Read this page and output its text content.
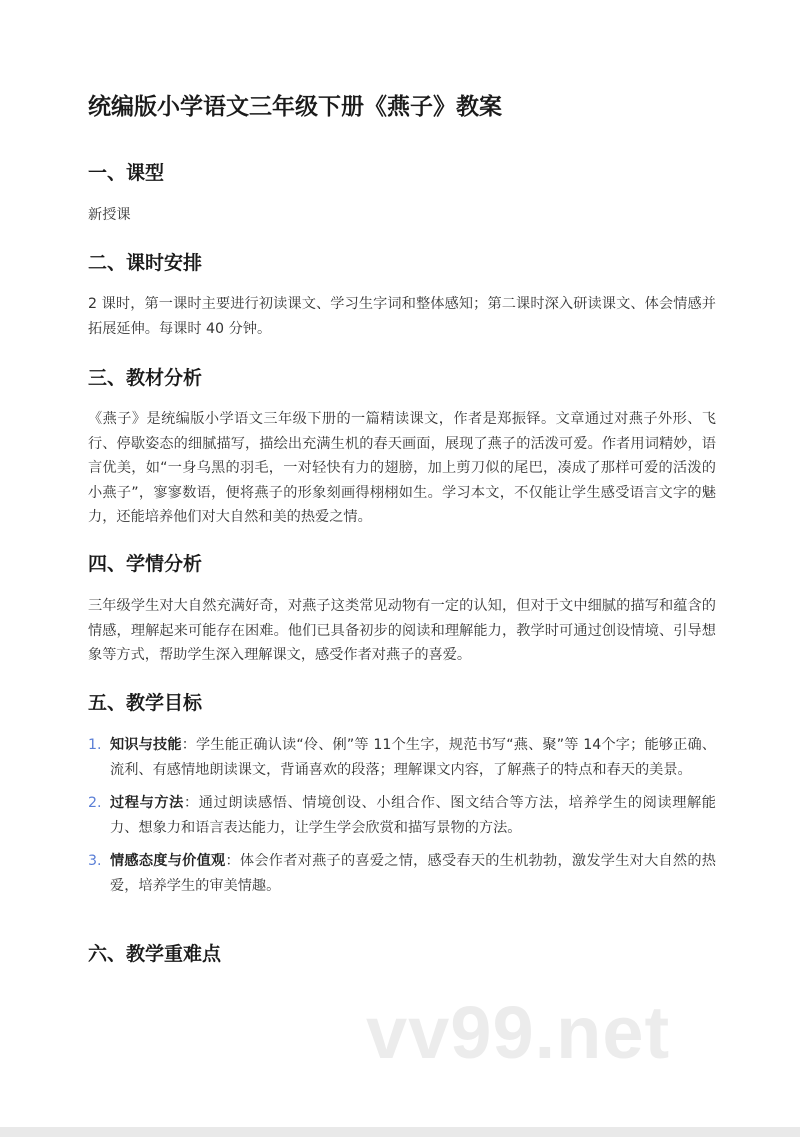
统编版小学语文三年级下册《燕子》教案
一、课型

新授课

二、课时安排

2 课时，第一课时主要进行初读课文、学习生字词和整体感知；第二课时深入研读课文、体会情感并拓展延伸。每课时 40 分钟。

三、教材分析

《燕子》是统编版小学语文三年级下册的一篇精读课文，作者是郑振铎。文章通过对燕子外形、飞行、停歇姿态的细腻描写，描绘出充满生机的春天画面，展现了燕子的活泼可爱。作者用词精妙，语言优美，如“一身乌黑的羽毛，一对轻快有力的翅膀，加上剪刀似的尾巴，凑成了那样可爱的活泼的小燕子”，寥寥数语，便将燕子的形象刻画得栩栩如生。学习本文，不仅能让学生感受语言文字的魅力，还能培养他们对大自然和美的热爱之情。

四、学情分析

三年级学生对大自然充满好奇，对燕子这类常见动物有一定的认知，但对于文中细腻的描写和蕴含的情感，理解起来可能存在困难。他们已具备初步的阅读和理解能力，教学时可通过创设情境、引导想象等方式，帮助学生深入理解课文，感受作者对燕子的喜爱。

五、教学目标
1. 知识与技能：学生能正确认读“伶、俐”等 11个生字，规范书写“燕、聚”等 14个字；能够正确、流利、有感情地朗读课文，背诵喜欢的段落；理解课文内容，了解燕子的特点和春天的美景。
2. 过程与方法：通过朗读感悟、情境创设、小组合作、图文结合等方法，培养学生的阅读理解能力、想象力和语言表达能力，让学生学会欣赏和描写景物的方法。
3. 情感态度与价值观：体会作者对燕子的喜爱之情，感受春天的生机勃勃，激发学生对大自然的热爱，培养学生的审美情趣。
六、教学重难点
vv99.net
